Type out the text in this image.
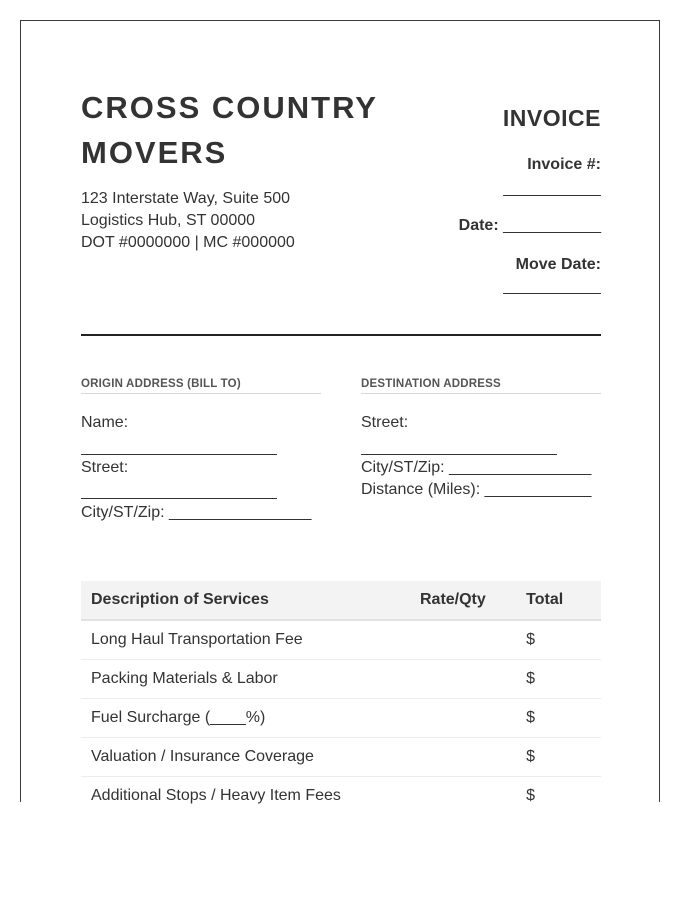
CROSS COUNTRY
MOVERS
123 Interstate Way, Suite 500
Logistics Hub, ST 00000
DOT #0000000 | MC #000000
INVOICE
Invoice #:
Date: ___________
Move Date:
ORIGIN ADDRESS (BILL TO)
Name:
Street:
City/ST/Zip: ________________
DESTINATION ADDRESS
Street:
City/ST/Zip: ________________
Distance (Miles): ____________
Description of Services	Rate/Qty	Total
Long Haul Transportation Fee		$
Packing Materials & Labor		$
Fuel Surcharge (____%)		$
Valuation / Insurance Coverage		$
Additional Stops / Heavy Item Fees		$
